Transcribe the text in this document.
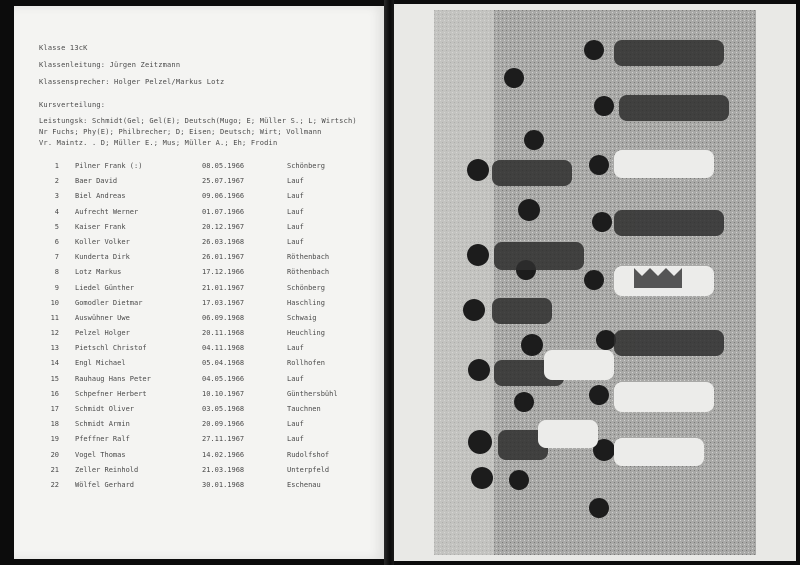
Klasse 13cK
Klassenleitung: Jürgen Zeitzmann
Klassensprecher: Holger Pelzel/Markus Lotz
Kursverteilung:
Leistungsk: Schmidt(Gel; Gel(E); Deutsch(Mugo; E; Müller S.; L; Wirtsch)
Nr Fuchs; Phy(E); Philbrecher; D; Eisen; Deutsch; Wirt; Vollmann
Vr. Maintz. . D; Müller E.; Mus; Müller A.; Eh; Frodin
1 Pilner Frank (:)	08.05.1966	Schönberg
2 Baer David	25.07.1967	Lauf
3 Biel Andreas	09.06.1966	Lauf
4 Aufrecht Werner	01.07.1966	Lauf
5 Kaiser Frank	20.12.1967	Lauf
6 Koller Volker	26.03.1968	Lauf
7 Kunderta Dirk	26.01.1967	Röthenbach
8 Lotz Markus	17.12.1966	Röthenbach
9 Liedel Günther	21.01.1967	Schönberg
10 Gomodler Dietmar	17.03.1967	Haschling
11 Auswühner Uwe	06.09.1968	Schwaig
12 Pelzel Holger	20.11.1968	Heuchling
13 Pietschl Christof	04.11.1968	Lauf
14 Engl Michael	05.04.1968	Rollhofen
15 Rauhaug Hans Peter	04.05.1966	Lauf
16 Schpefner Herbert	10.10.1967	Günthersbühl
17 Schmidt Oliver	03.05.1968	Tauchnen
18 Schmidt Armin	20.09.1966	Lauf
19 Pfeffner Ralf	27.11.1967	Lauf
20 Vogel Thomas	14.02.1966	Rudolfshof
21 Zeller Reinhold	21.03.1968	Unterpfeld
22 Wölfel Gerhard	30.01.1968	Eschenau
